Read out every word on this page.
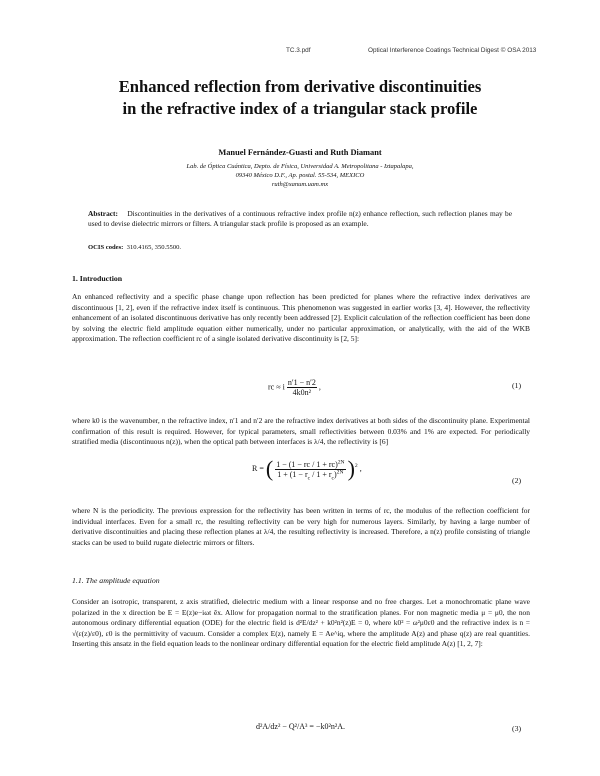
TC.3.pdf	Optical Interference Coatings Technical Digest © OSA 2013
Enhanced reflection from derivative discontinuities
in the refractive index of a triangular stack profile
Manuel Fernández-Guasti and Ruth Diamant
Lab. de Óptica Cuántica, Depto. de Física, Universidad A. Metropolitana - Iztapalapa,
09340 México D.F., Ap. postal. 55-534, MEXICO
ruth@xanum.uam.mx
Abstract: Discontinuities in the derivatives of a continuous refractive index profile n(z) enhance reflection, such reflection planes may be used to devise dielectric mirrors or filters. A triangular stack profile is proposed as an example.
OCIS codes: 310.4165, 350.5500.
1. Introduction
An enhanced reflectivity and a specific phase change upon reflection has been predicted for planes where the refractive index derivatives are discontinuous [1, 2], even if the refractive index itself is continuous. This phenomenon was suggested in earlier works [3, 4]. However, the reflectivity enhancement of an isolated discontinuous derivative has only recently been addressed [2]. Explicit calculation of the reflection coefficient has been done by solving the electric field amplitude equation either numerically, under no particular approximation, or analytically, with the aid of the WKB approximation. The reflection coefficient rc of a single isolated derivative discontinuity is [2, 5]:
rc ≈ i $\frac{n'1 - n'2}{\text{4k0n²}}$ ,	(1)
where k0 is the wavenumber, n the refractive index, n′1 and n′2 are the refractive index derivatives at both sides of the discontinuity plane. Experimental confirmation of this result is required. However, for typical parameters, small reflectivities between 0.03% and 1% are expected. For periodically stratified media (discontinuous n(z)), when the optical path between interfaces is λ/4, the reflectivity is [6]
R = ( $\frac{1 - (1 - rc / 1 + rc)^{2N}}{1 + (1 - r_c / 1 + r_c)^{2N}} )^2$ ,
(2)
where N is the periodicity. The previous expression for the reflectivity has been written in terms of rc, the modulus of the reflection coefficient for individual interfaces. Even for a small rc, the resulting reflectivity can be very high for numerous layers. Similarly, by having a large number of derivative discontinuities and placing these reflection planes at λ/4, the resulting reflectivity is increased. Therefore, a n(z) profile consisting of triangle stacks can be used to build rugate dielectric mirrors or filters.
1.1. The amplitude equation
Consider an isotropic, transparent, z axis stratified, dielectric medium with a linear response and no free charges. Let a monochromatic plane wave polarized in the x direction be E = E(z)e−iωt êx. Allow for propagation normal to the stratification planes. For non magnetic media μ = μ0, the non autonomous ordinary differential equation (ODE) for the electric field is d²E/dz² + k0²n²(z)E = 0, where k0² = ω²μ0ε0 and the refractive index is n = √(ε(z)/ε0), ε0 is the permittivity of vacuum. Consider a complex E(z), namely E = Ae^iq, where the amplitude A(z) and phase q(z) are real quantities. Inserting this ansatz in the field equation leads to the nonlinear ordinary differential equation for the electric field amplitude A(z) [1, 2, 7]:
d²A/dz² − Q²/A³ = −k0²n²A.	(3)
